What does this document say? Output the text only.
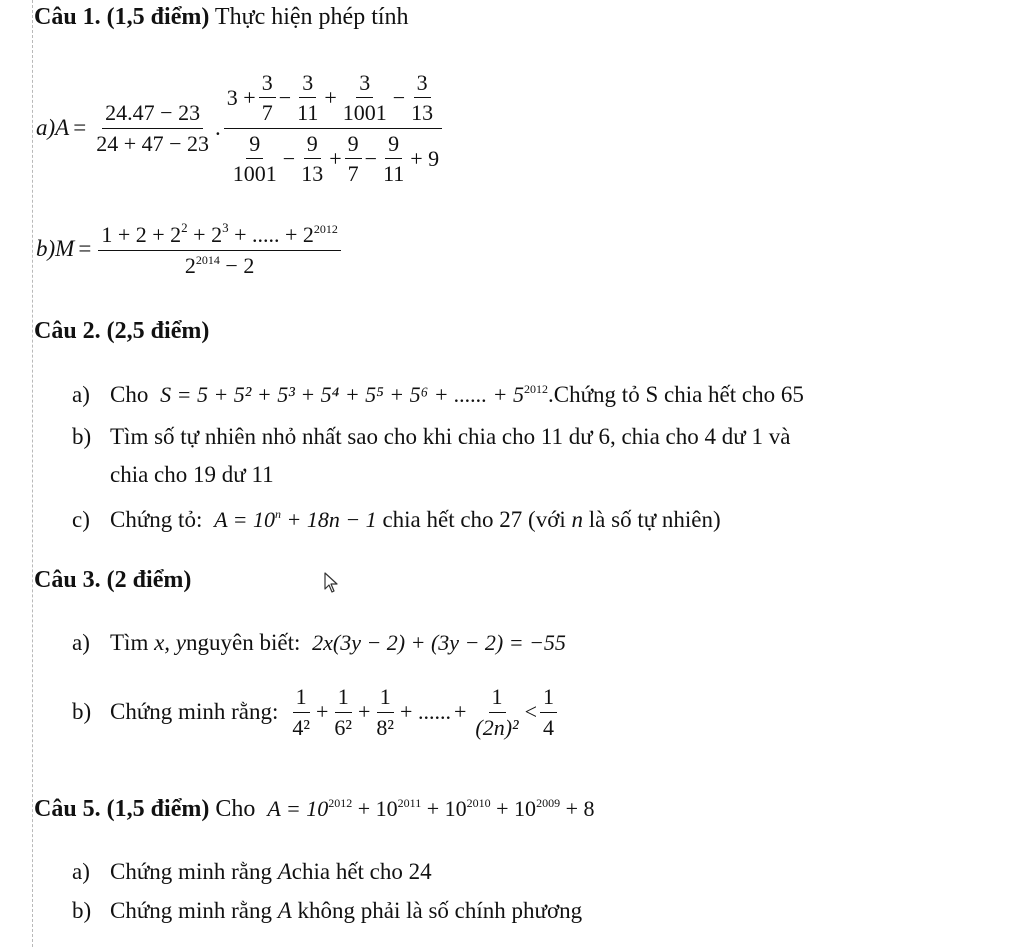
Câu 1. (1,5 điểm) Thực hiện phép tính
a) $A = \frac{24.47 - 23}{24 + 47 - 23}$ .
$3 + \frac{3}{7} - \frac{3}{11} + \frac{3}{1001} - \frac{3}{13}$
$\frac{9}{1001} - \frac{9}{13} + \frac{9}{7} - \frac{9}{11} + 9$
b) $M = \frac{1 + 2 + 2^2 + 2^3 + ..... + 2^{2012}}{2^{2014} - 2}$
Câu 2. (2,5 điểm)
a) Cho S = 5 + 5² + 5³ + 5⁴ + 5⁵ + 5⁶ + ...... + $5^{2012}.Chứng$ tỏ S chia hết cho 65
b) Tìm số tự nhiên nhỏ nhất sao cho khi chia cho 11 dư 6, chia cho 4 dư 1 và
chia cho 19 dư 11
c) Chứng tỏ: $A = 10^n + 18n - 1$ chia hết cho 27 (với n là số tự nhiên)
Câu 3. (2 điểm)
a) Tìm x, ynguyên biết: 2x(3y − 2) + (3y − 2) = −55
b) Chứng minh rằng: $\frac{1}{\text{4²}} + \frac{1}{\text{6²}} + \frac{1}{\text{8²}}$ + ...... + $\frac{1}{\text{(2n)²}} < \frac{1}{4}$
Câu 5. (1,5 điểm) Cho $A = 10^{2012} + 10^{2011} + 10^{2010} + 10^{2009} + 8$
a) Chứng minh rằng Achia hết cho 24
b) Chứng minh rằng A không phải là số chính phương
